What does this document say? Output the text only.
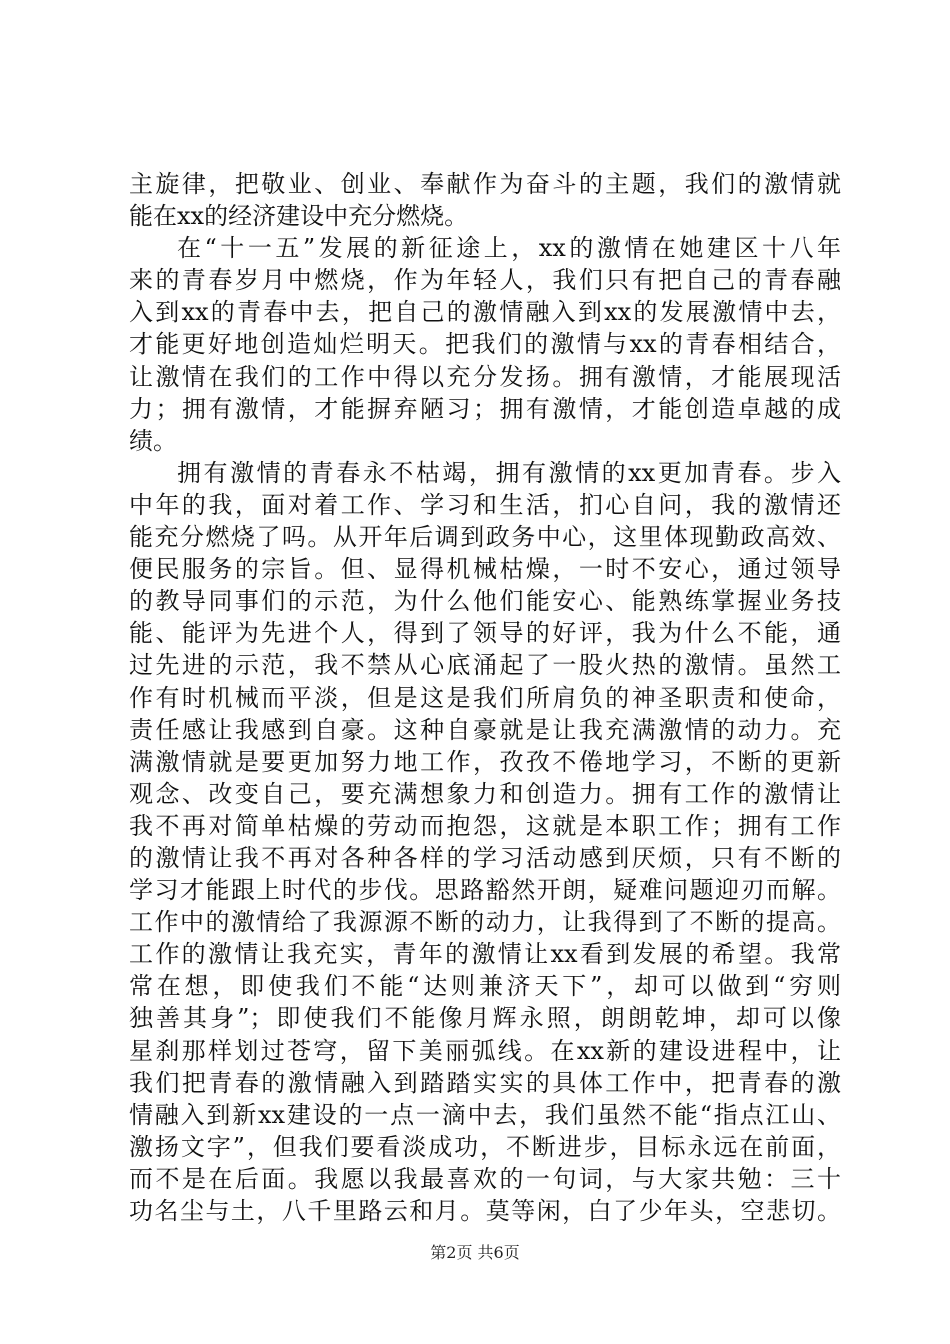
主旋律，把敬业、创业、奉献作为奋斗的主题，我们的激情就
能在xx的经济建设中充分燃烧。
在“十一五”发展的新征途上，xx的激情在她建区十八年
来的青春岁月中燃烧，作为年轻人，我们只有把自己的青春融
入到xx的青春中去，把自己的激情融入到xx的发展激情中去，
才能更好地创造灿烂明天。把我们的激情与xx的青春相结合，
让激情在我们的工作中得以充分发扬。拥有激情，才能展现活
力；拥有激情，才能摒弃陋习；拥有激情，才能创造卓越的成
绩。
拥有激情的青春永不枯竭，拥有激情的xx更加青春。步入
中年的我，面对着工作、学习和生活，扪心自问，我的激情还
能充分燃烧了吗。从开年后调到政务中心，这里体现勤政高效、
便民服务的宗旨。但、显得机械枯燥，一时不安心，通过领导
的教导同事们的示范，为什么他们能安心、能熟练掌握业务技
能、能评为先进个人，得到了领导的好评，我为什么不能，通
过先进的示范，我不禁从心底涌起了一股火热的激情。虽然工
作有时机械而平淡，但是这是我们所肩负的神圣职责和使命，
责任感让我感到自豪。这种自豪就是让我充满激情的动力。充
满激情就是要更加努力地工作，孜孜不倦地学习，不断的更新
观念、改变自己，要充满想象力和创造力。拥有工作的激情让
我不再对简单枯燥的劳动而抱怨，这就是本职工作；拥有工作
的激情让我不再对各种各样的学习活动感到厌烦，只有不断的
学习才能跟上时代的步伐。思路豁然开朗，疑难问题迎刃而解。
工作中的激情给了我源源不断的动力，让我得到了不断的提高。
工作的激情让我充实，青年的激情让xx看到发展的希望。我常
常在想，即使我们不能“达则兼济天下”，却可以做到“穷则
独善其身”；即使我们不能像月辉永照，朗朗乾坤，却可以像
星刹那样划过苍穹，留下美丽弧线。在xx新的建设进程中，让
我们把青春的激情融入到踏踏实实的具体工作中，把青春的激
情融入到新xx建设的一点一滴中去，我们虽然不能“指点江山、
激扬文字”，但我们要看淡成功，不断进步，目标永远在前面，
而不是在后面。我愿以我最喜欢的一句词，与大家共勉：三十
功名尘与土，八千里路云和月。莫等闲，白了少年头，空悲切。
第2页 共6页
